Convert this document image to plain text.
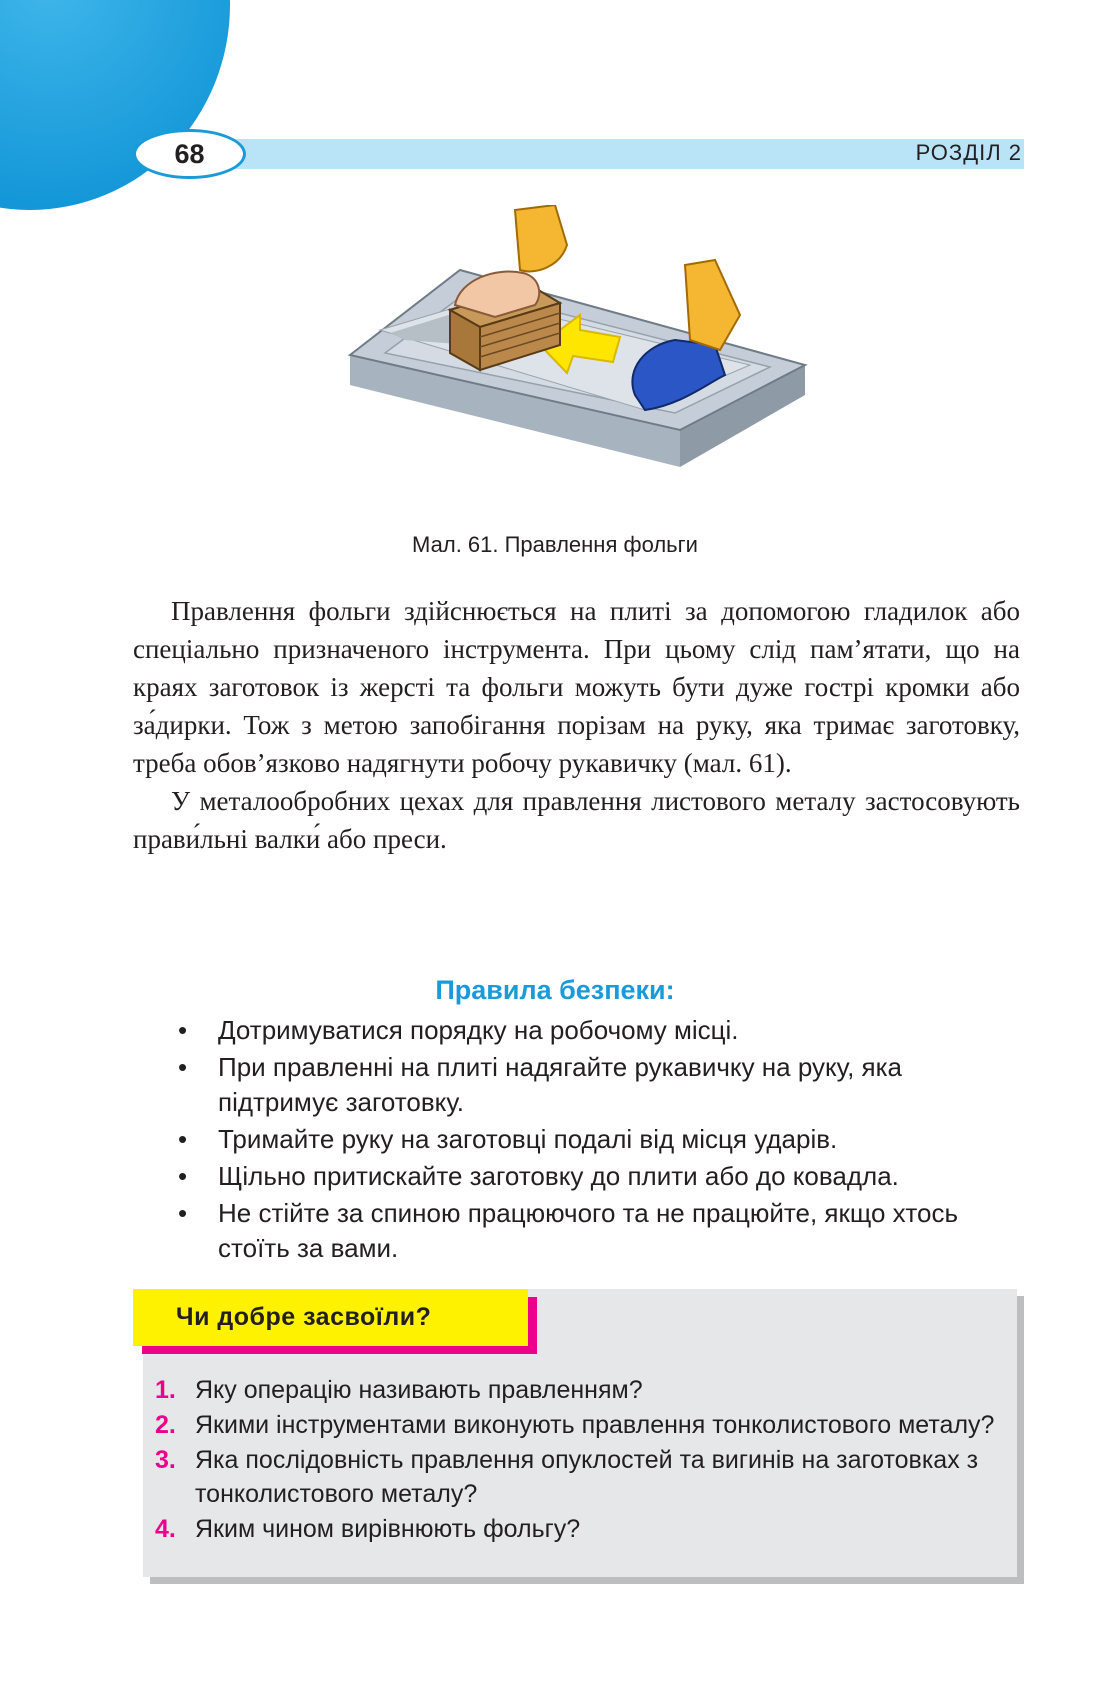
68	РОЗДІЛ 2
Мал. 61. Правлення фольги

Правлення фольги здійснюється на плиті за допомогою гладилок або спеціально призначеного інструмента. При цьому слід пам’ятати, що на краях заготовок із жерсті та фольги можуть бути дуже гострі кромки або за́дирки. Тож з метою запобігання порізам на руку, яка тримає заготовку, треба обов’язково надягнути робочу рукавичку (мал. 61).

У металообробних цехах для правлення листового металу застосовують прави́льні валки́ або преси.

Правила безпеки:
• Дотримуватися порядку на робочому місці.
• При правленні на плиті надягайте рукавичку на руку, яка підтримує заготовку.
• Тримайте руку на заготовці подалі від місця ударів.
• Щільно притискайте заготовку до плити або до ковадла.
• Не стійте за спиною працюючого та не працюйте, якщо хтось стоїть за вами.
Чи добре засвоїли?
1. Яку операцію називають правленням?
2. Якими інструментами виконують правлення тонколистового металу?
3. Яка послідовність правлення опуклостей та вигинів на заготовках з тонколистового металу?
4. Яким чином вирівнюють фольгу?
